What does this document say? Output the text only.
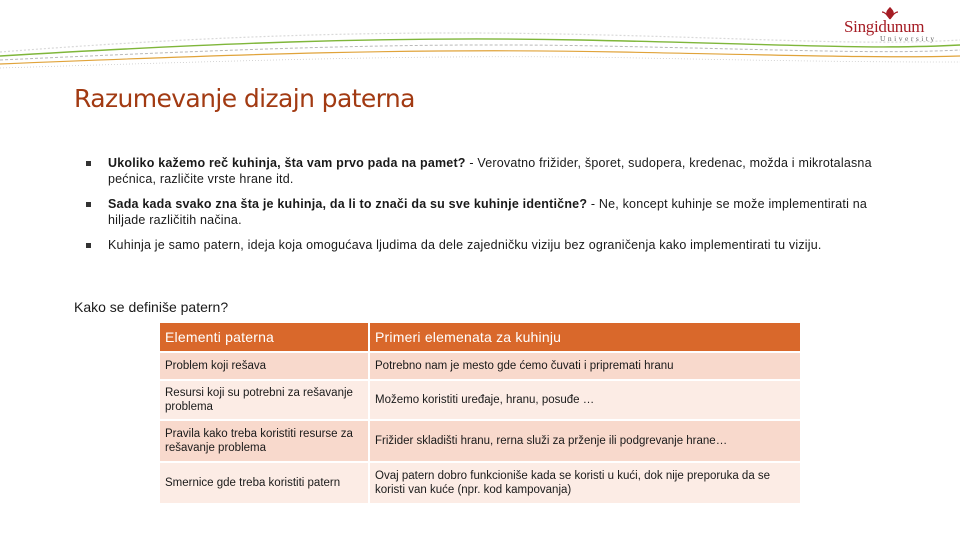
Singidunum
University
Razumevanje dizajn paterna
Ukoliko kažemo reč kuhinja, šta vam prvo pada na pamet? - Verovatno frižider, šporet, sudopera, kredenac, možda i mikrotalasna pećnica, različite vrste hrane itd.
Sada kada svako zna šta je kuhinja, da li to znači da su sve kuhinje identične? - Ne, koncept kuhinje se može implementirati na hiljade različitih načina.
Kuhinja je samo patern, ideja koja omogućava ljudima da dele zajedničku viziju bez ograničenja kako implementirati tu viziju.
Kako se definiše patern?
Elementi paterna	Primeri elemenata za kuhinju
Problem koji rešava	Potrebno nam je mesto gde ćemo čuvati i pripremati hranu
Resursi koji su potrebni za rešavanje problema	Možemo koristiti uređaje, hranu, posuđe …
Pravila kako treba koristiti resurse za rešavanje problema	Frižider skladišti hranu, rerna služi za prženje ili podgrevanje hrane…
Smernice gde treba koristiti patern	Ovaj patern dobro funkcioniše kada se koristi u kući, dok nije preporuka da se koristi van kuće (npr. kod kampovanja)
